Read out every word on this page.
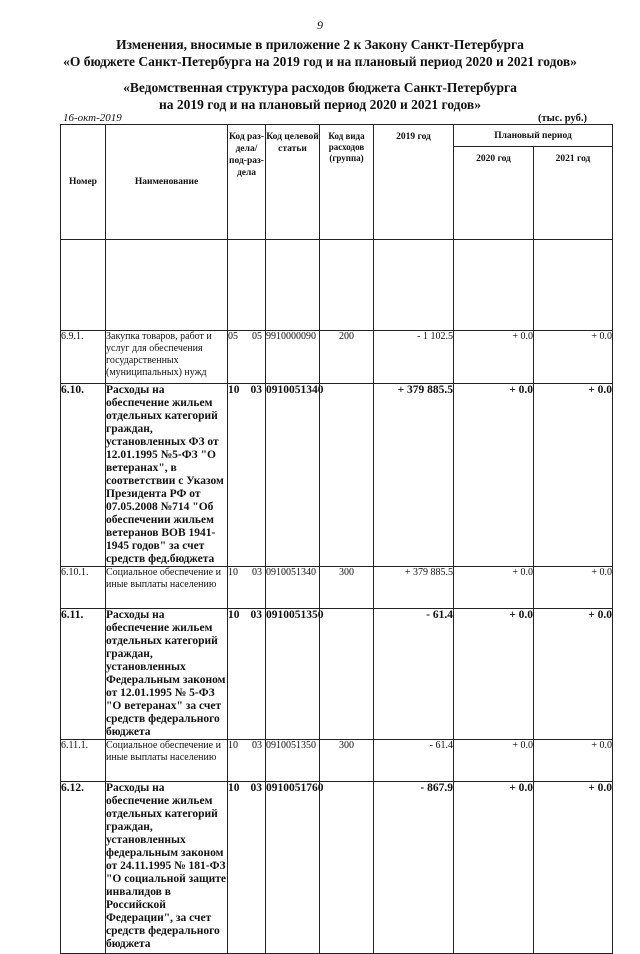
9
Изменения, вносимые в приложение 2 к Закону Санкт-Петербурга
«О бюджете Санкт-Петербурга на 2019 год и на плановый период 2020 и 2021 годов»
«Ведомственная структура расходов бюджета Санкт-Петербурга
на 2019 год и на плановый период 2020 и 2021 годов»
16-окт-2019	(тыс. руб.)
Номер	Наименование	Код раз-дела/ под-раз-дела	Код целевой статьи	Код вида расходов (группа)	2019 год	Плановый период	
						2020 год	2021 год

6.9.1.	Закупка товаров, работ и услуг для обеспечения государственных (муниципальных) нужд	05 05	9910000090	200	- 1 102.5	+ 0.0	+ 0.0
6.10.	Расходы на обеспечение жильем отдельных категорий граждан, установленных ФЗ от 12.01.1995 №5-ФЗ "О ветеранах", в соответствии с Указом Президента РФ от 07.05.2008 №714 "Об обеспечении жильем ветеранов ВОВ 1941-1945 годов" за счет средств фед.бюджета	10 03	0910051340		+ 379 885.5	+ 0.0	+ 0.0
6.10.1.	Социальное обеспечение и иные выплаты населению	10 03	0910051340	300	+ 379 885.5	+ 0.0	+ 0.0
6.11.	Расходы на обеспечение жильем отдельных категорий граждан, установленных Федеральным законом от 12.01.1995 № 5-ФЗ "О ветеранах" за счет средств федерального бюджета	10 03	0910051350		- 61.4	+ 0.0	+ 0.0
6.11.1.	Социальное обеспечение и иные выплаты населению	10 03	0910051350	300	- 61.4	+ 0.0	+ 0.0
6.12.	Расходы на обеспечение жильем отдельных категорий граждан, установленных федеральным законом от 24.11.1995 № 181-ФЗ "О социальной защите инвалидов в Российской Федерации", за счет средств федерального бюджета	10 03	0910051760		- 867.9	+ 0.0	+ 0.0
